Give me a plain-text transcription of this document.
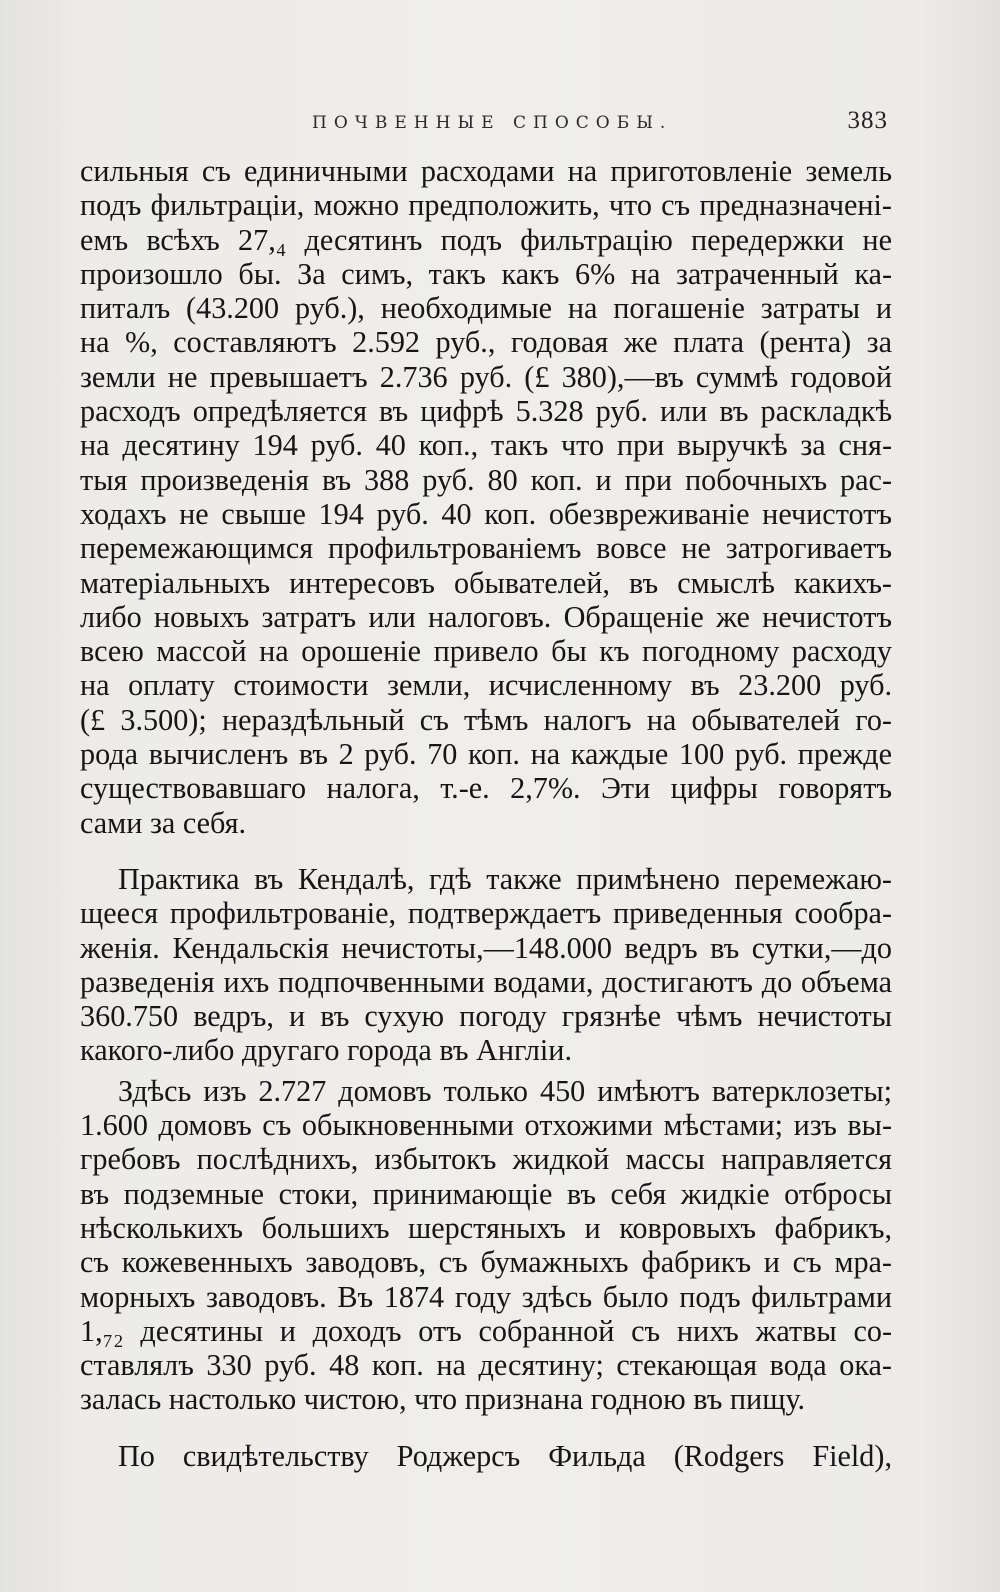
ПОЧВЕННЫЕ СПОСОБЫ.	383
сильныя съ единичными расходами на приготовленіе земель
подъ фильтраціи, можно предположить, что съ предназначені-
емъ всѣхъ 27,₄ десятинъ подъ фильтрацію передержки не
произошло бы. За симъ, такъ какъ 6% на затраченный ка-
питалъ (43.200 руб.), необходимые на погашеніе затраты и
на %, составляютъ 2.592 руб., годовая же плата (рента) за
земли не превышаетъ 2.736 руб. (£ 380),—въ суммѣ годовой
расходъ опредѣляется въ цифрѣ 5.328 руб. или въ раскладкѣ
на десятину 194 руб. 40 коп., такъ что при выручкѣ за сня-
тыя произведенія въ 388 руб. 80 коп. и при побочныхъ рас-
ходахъ не свыше 194 руб. 40 коп. обезвреживаніе нечистотъ
перемежающимся профильтрованіемъ вовсе не затрогиваетъ
матеріальныхъ интересовъ обывателей, въ смыслѣ какихъ-
либо новыхъ затратъ или налоговъ. Обращеніе же нечистотъ
всею массой на орошеніе привело бы къ погодному расходу
на оплату стоимости земли, исчисленному въ 23.200 руб.
(£ 3.500); нераздѣльный съ тѣмъ налогъ на обывателей го-
рода вычисленъ въ 2 руб. 70 коп. на каждые 100 руб. прежде
существовавшаго налога, т.-е. 2,7%. Эти цифры говорятъ
сами за себя.
Практика въ Кендалѣ, гдѣ также примѣнено перемежаю-
щееся профильтрованіе, подтверждаетъ приведенныя сообра-
женія. Кендальскія нечистоты,—148.000 ведръ въ сутки,—до
разведенія ихъ подпочвенными водами, достигаютъ до объема
360.750 ведръ, и въ сухую погоду грязнѣе чѣмъ нечистоты
какого-либо другаго города въ Англіи.
Здѣсь изъ 2.727 домовъ только 450 имѣютъ ватерклозеты;
1.600 домовъ съ обыкновенными отхожими мѣстами; изъ вы-
гребовъ послѣднихъ, избытокъ жидкой массы направляется
въ подземные стоки, принимающіе въ себя жидкіе отбросы
нѣсколькихъ большихъ шерстяныхъ и ковровыхъ фабрикъ,
съ кожевенныхъ заводовъ, съ бумажныхъ фабрикъ и съ мра-
морныхъ заводовъ. Въ 1874 году здѣсь было подъ фильтрами
1,₇₂ десятины и доходъ отъ собранной съ нихъ жатвы со-
ставлялъ 330 руб. 48 коп. на десятину; стекающая вода ока-
залась настолько чистою, что признана годною въ пищу.
По свидѣтельству Роджерсъ Фильда (Rodgers Field),
